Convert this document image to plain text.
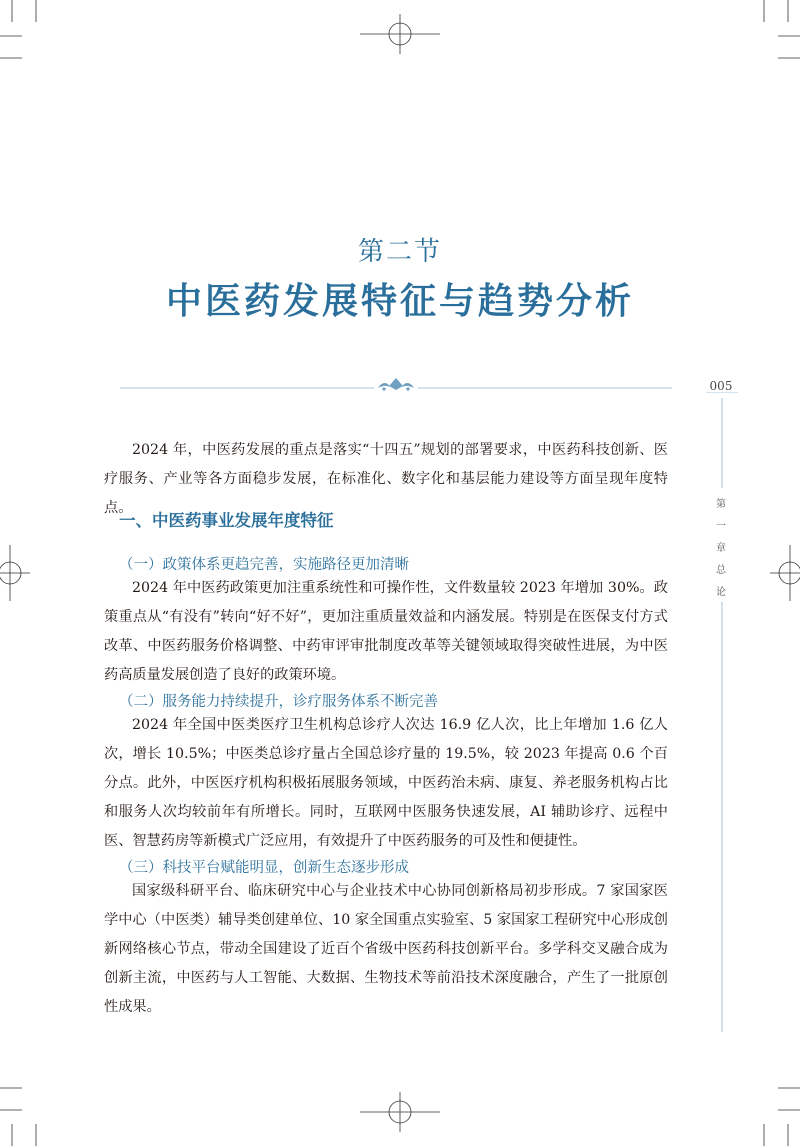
第二节
中医药发展特征与趋势分析
005
第
一
章
总
论

2024 年，中医药发展的重点是落实“十四五”规划的部署要求，中医药科技创新、医疗服务、产业等各方面稳步发展，在标准化、数字化和基层能力建设等方面呈现年度特点。

一、中医药事业发展年度特征
（一）政策体系更趋完善，实施路径更加清晰

2024 年中医药政策更加注重系统性和可操作性，文件数量较 2023 年增加 30%。政策重点从“有没有”转向“好不好”，更加注重质量效益和内涵发展。特别是在医保支付方式改革、中医药服务价格调整、中药审评审批制度改革等关键领域取得突破性进展，为中医药高质量发展创造了良好的政策环境。

（二）服务能力持续提升，诊疗服务体系不断完善

2024 年全国中医类医疗卫生机构总诊疗人次达 16.9 亿人次，比上年增加 1.6 亿人次，增长 10.5%；中医类总诊疗量占全国总诊疗量的 19.5%，较 2023 年提高 0.6 个百分点。此外，中医医疗机构积极拓展服务领域，中医药治未病、康复、养老服务机构占比和服务人次均较前年有所增长。同时，互联网中医服务快速发展，AI 辅助诊疗、远程中医、智慧药房等新模式广泛应用，有效提升了中医药服务的可及性和便捷性。

（三）科技平台赋能明显，创新生态逐步形成

国家级科研平台、临床研究中心与企业技术中心协同创新格局初步形成。7 家国家医学中心（中医类）辅导类创建单位、10 家全国重点实验室、5 家国家工程研究中心形成创新网络核心节点，带动全国建设了近百个省级中医药科技创新平台。多学科交叉融合成为创新主流，中医药与人工智能、大数据、生物技术等前沿技术深度融合，产生了一批原创性成果。
